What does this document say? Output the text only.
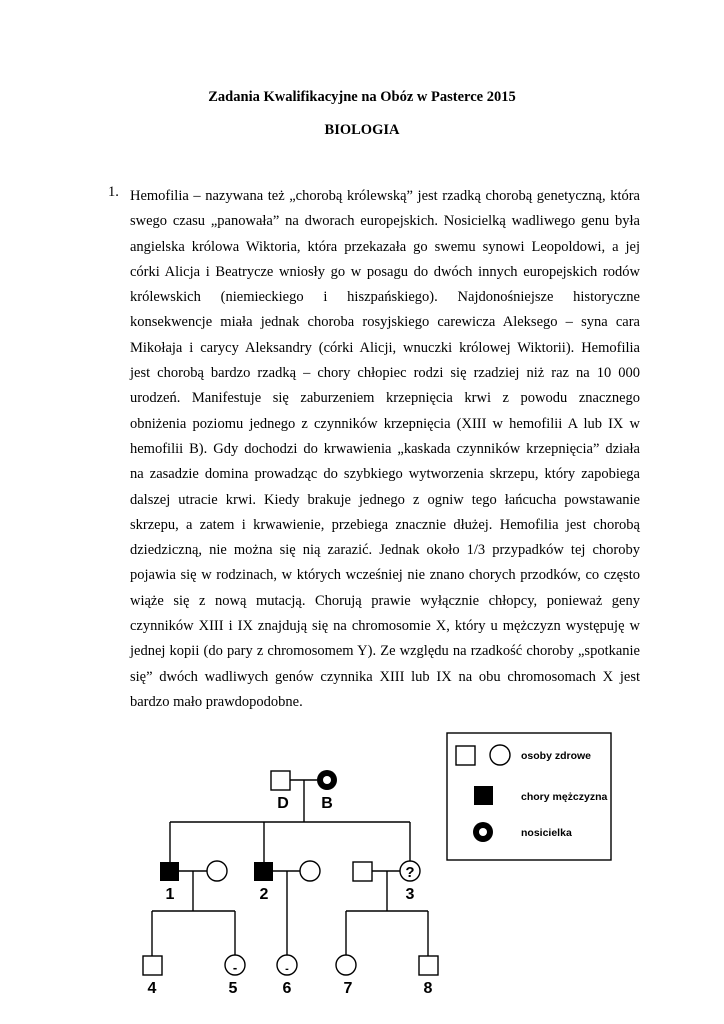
Zadania Kwalifikacyjne na Obóz w Pasterce 2015
BIOLOGIA
1. Hemofilia – nazywana też „chorobą królewską” jest rzadką chorobą genetyczną, która
swego czasu „panowała” na dworach europejskich. Nosicielką wadliwego genu była
angielska królowa Wiktoria, która przekazała go swemu synowi Leopoldowi, a jej
córki Alicja i Beatrycze wniosły go w posagu do dwóch innych europejskich rodów
królewskich (niemieckiego i hiszpańskiego). Najdonośniejsze historyczne
konsekwencje miała jednak choroba rosyjskiego carewicza Aleksego – syna cara
Mikołaja i carycy Aleksandry (córki Alicji, wnuczki królowej Wiktorii). Hemofilia
jest chorobą bardzo rzadką – chory chłopiec rodzi się rzadziej niż raz na 10 000
urodzeń. Manifestuje się zaburzeniem krzepnięcia krwi z powodu znacznego
obniżenia poziomu jednego z czynników krzepnięcia (XIII w hemofilii A lub IX w
hemofilii B). Gdy dochodzi do krwawienia „kaskada czynników krzepnięcia” działa
na zasadzie domina prowadząc do szybkiego wytworzenia skrzepu, który zapobiega
dalszej utracie krwi. Kiedy brakuje jednego z ogniw tego łańcucha powstawanie
skrzepu, a zatem i krwawienie, przebiega znacznie dłużej. Hemofilia jest chorobą
dziedziczną, nie można się nią zarazić. Jednak około 1/3 przypadków tej choroby
pojawia się w rodzinach, w których wcześniej nie znano chorych przodków, co często
wiąże się z nową mutacją. Chorują prawie wyłącznie chłopcy, ponieważ geny
czynników XIII i IX znajdują się na chromosomie X, który u mężczyzn występuję w
jednej kopii (do pary z chromosomem Y). Ze względu na rzadkość choroby „spotkanie
się” dwóch wadliwych genów czynnika XIII lub IX na obu chromosomach X jest
bardzo mało prawdopodobne.
D B
?
1	2	3
-	-
4	5	6	7	8
osoby zdrowe
chory mężczyzna
nosicielka
